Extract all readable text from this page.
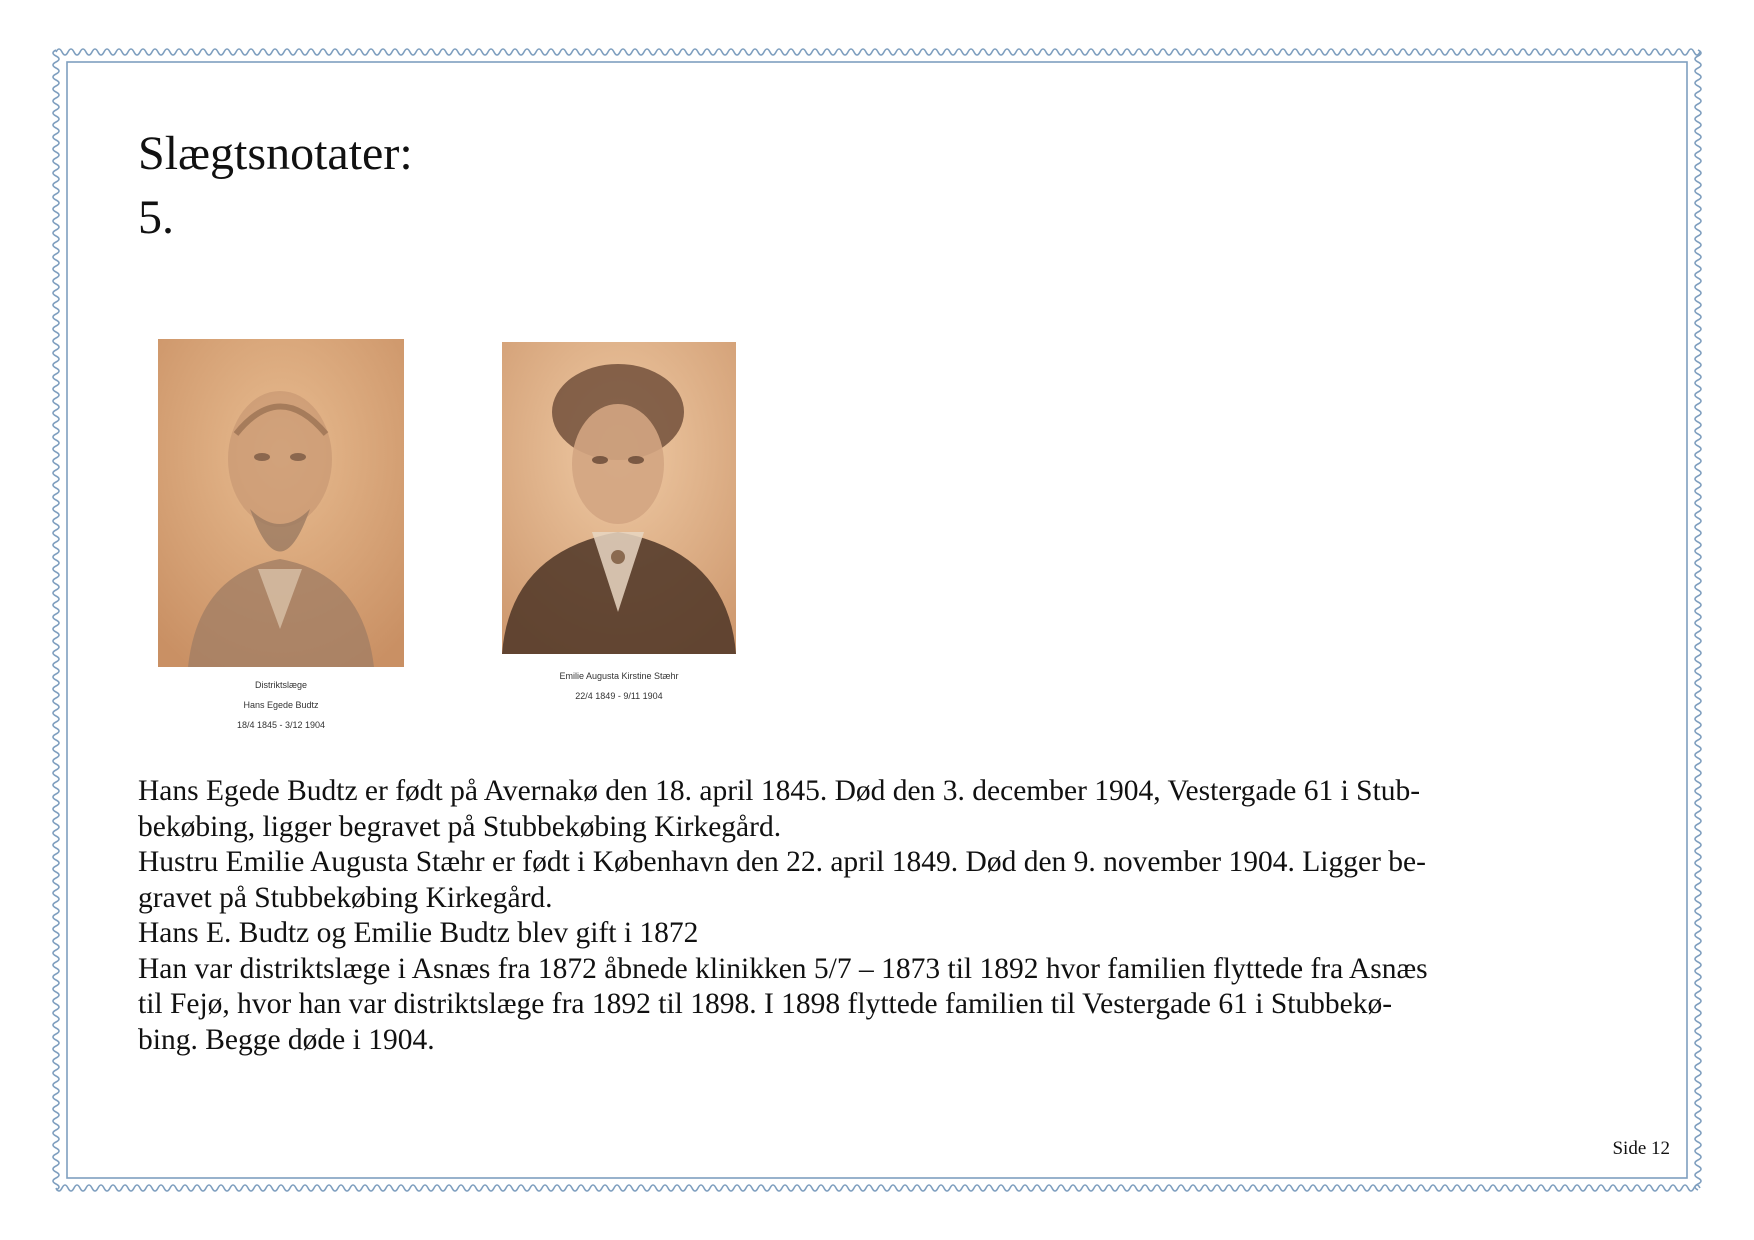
Slægtsnotater:
5.
Distriktslæge
Hans Egede Budtz
18/4 1845 - 3/12 1904
Emilie Augusta Kirstine Stæhr
22/4 1849 - 9/11 1904
Hans Egede Budtz er født på Avernakø den 18. april 1845. Død den 3. december 1904, Vestergade 61 i Stub-
bekøbing, ligger begravet på Stubbekøbing Kirkegård.
Hustru Emilie Augusta Stæhr er født i København den 22. april 1849. Død den 9. november 1904. Ligger be-
gravet på Stubbekøbing Kirkegård.
Hans E. Budtz og Emilie Budtz blev gift i 1872
Han var distriktslæge i Asnæs fra 1872 åbnede klinikken 5/7 – 1873 til 1892 hvor familien flyttede fra Asnæs
til Fejø, hvor han var distriktslæge fra 1892 til 1898. I 1898 flyttede familien til Vestergade 61 i Stubbekø-
bing. Begge døde i 1904.
Side 12
